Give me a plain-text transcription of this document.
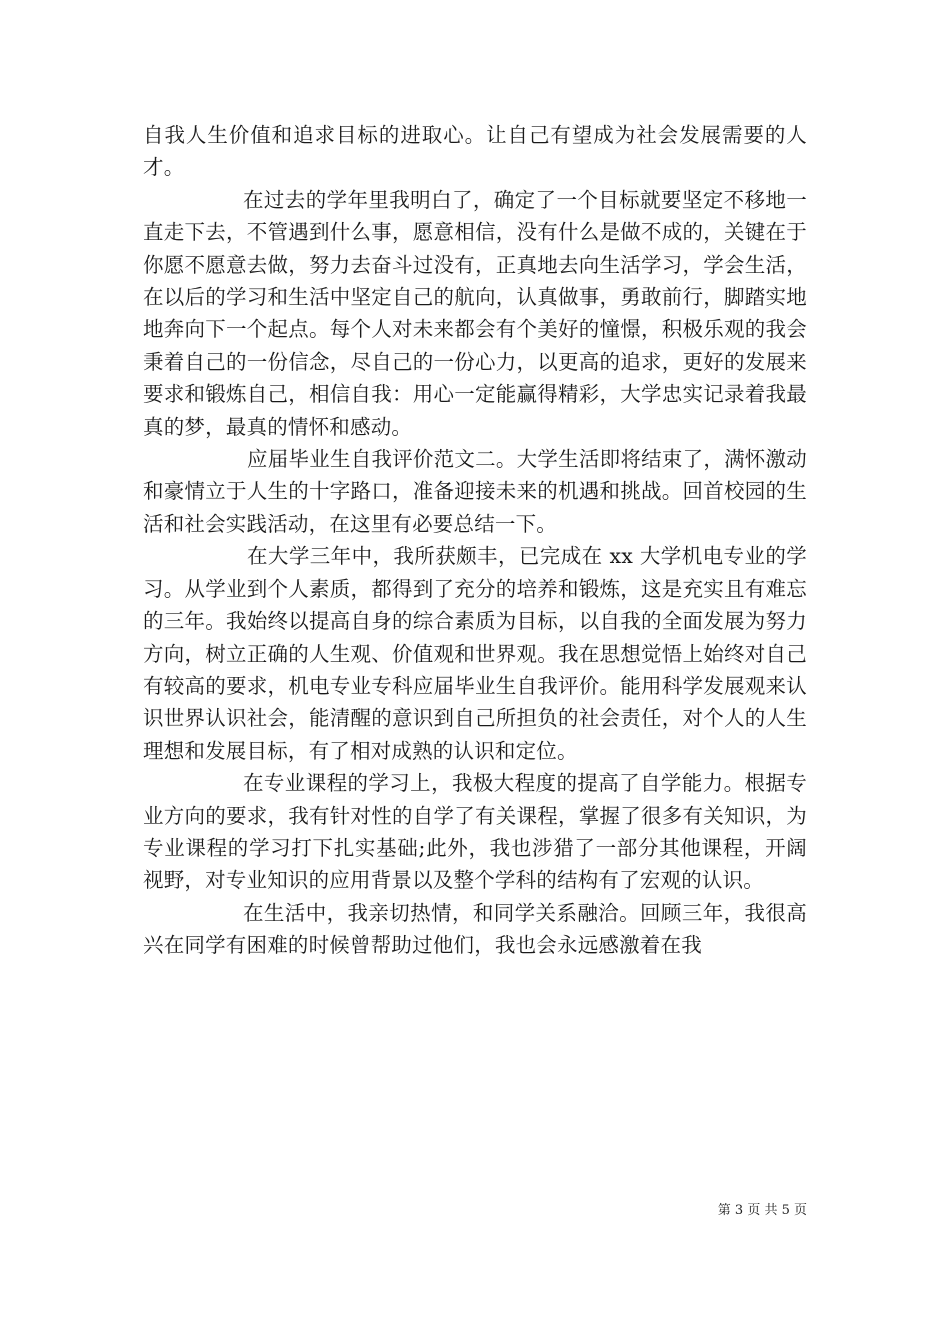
自我人生价值和追求目标的进取心。让自己有望成为社会发展需要的人才。

在过去的学年里我明白了，确定了一个目标就要坚定不移地一直走下去，不管遇到什么事，愿意相信，没有什么是做不成的，关键在于你愿不愿意去做，努力去奋斗过没有，正真地去向生活学习，学会生活，在以后的学习和生活中坚定自己的航向，认真做事，勇敢前行，脚踏实地地奔向下一个起点。每个人对未来都会有个美好的憧憬，积极乐观的我会秉着自己的一份信念，尽自己的一份心力，以更高的追求，更好的发展来要求和锻炼自己，相信自我：用心一定能赢得精彩，大学忠实记录着我最真的梦，最真的情怀和感动。

应届毕业生自我评价范文二。大学生活即将结束了，满怀激动和豪情立于人生的十字路口，准备迎接未来的机遇和挑战。回首校园的生活和社会实践活动，在这里有必要总结一下。

在大学三年中，我所获颇丰，已完成在 xx 大学机电专业的学习。从学业到个人素质，都得到了充分的培养和锻炼，这是充实且有难忘的三年。我始终以提高自身的综合素质为目标，以自我的全面发展为努力方向，树立正确的人生观、价值观和世界观。我在思想觉悟上始终对自己有较高的要求，机电专业专科应届毕业生自我评价。能用科学发展观来认识世界认识社会，能清醒的意识到自己所担负的社会责任，对个人的人生理想和发展目标，有了相对成熟的认识和定位。

在专业课程的学习上，我极大程度的提高了自学能力。根据专业方向的要求，我有针对性的自学了有关课程，掌握了很多有关知识，为专业课程的学习打下扎实基础;此外，我也涉猎了一部分其他课程，开阔视野，对专业知识的应用背景以及整个学科的结构有了宏观的认识。

在生活中，我亲切热情，和同学关系融洽。回顾三年，我很高兴在同学有困难的时候曾帮助过他们，我也会永远感激着在我

第 3 页 共 5 页
